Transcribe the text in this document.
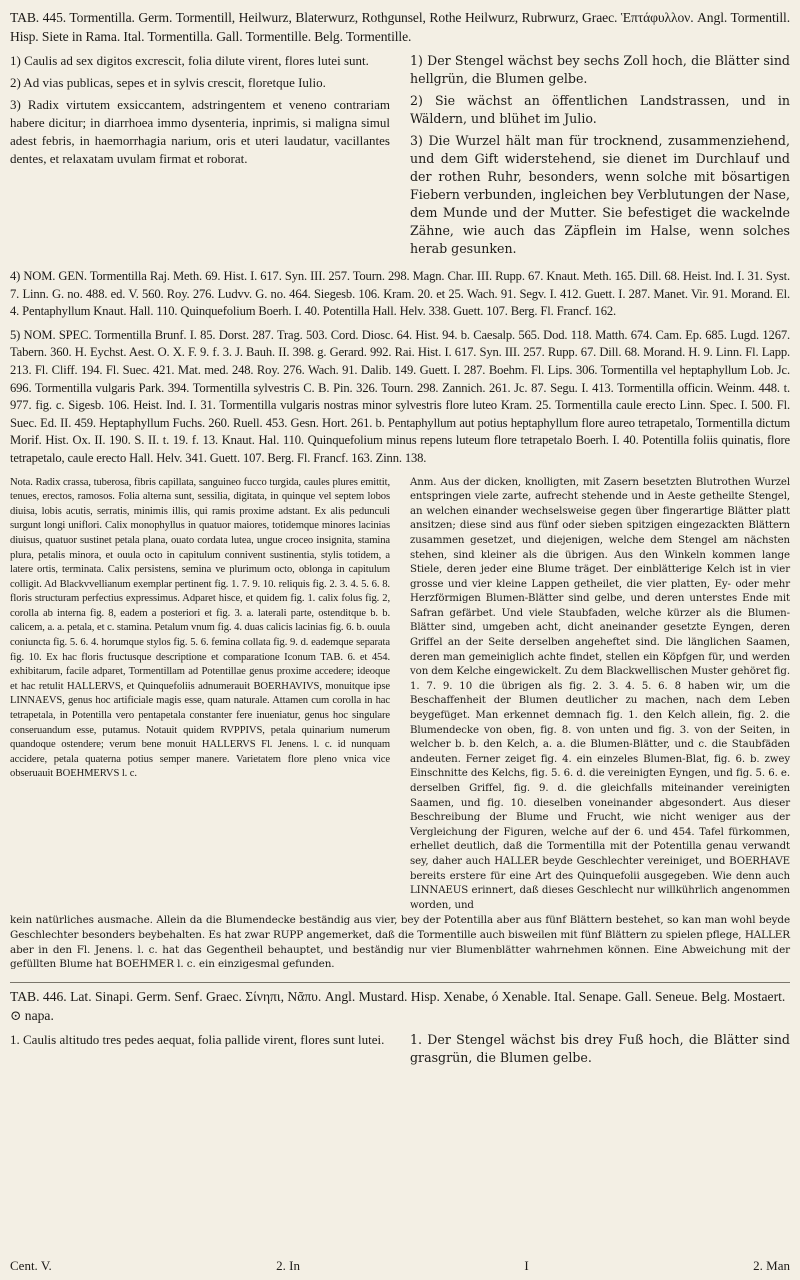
TAB. 445. Tormentilla. Germ. Tormentill, Heilwurz, Blaterwurz, Rothgunsel, Rothe Heilwurz, Rubrwurz, Graec. Ἑπτάφυλλον. Angl. Tormentill. Hisp. Siete in Rama. Ital. Tormentilla. Gall. Tormentille. Belg. Tormentille.

1) Caulis ad sex digitos excrescit, folia dilute virent, flores lutei sunt.

2) Ad vias publicas, sepes et in sylvis crescit, floretque Iulio.

3) Radix virtutem exsiccantem, adstringentem et veneno contrariam habere dicitur; in diarrhoea immo dysenteria, inprimis, si maligna simul adest febris, in haemorrhagia narium, oris et uteri laudatur, vacillantes dentes, et relaxatam uvulam firmat et roborat.

1) Der Stengel wächst bey sechs Zoll hoch, die Blätter sind hellgrün, die Blumen gelbe.

2) Sie wächst an öffentlichen Landstrassen, und in Wäldern, und blühet im Julio.

3) Die Wurzel hält man für trocknend, zusammenziehend, und dem Gift widerstehend, sie dienet im Durchlauf und der rothen Ruhr, besonders, wenn solche mit bösartigen Fiebern verbunden, ingleichen bey Verblutungen der Nase, dem Munde und der Mutter. Sie befestiget die wackelnde Zähne, wie auch das Zäpflein im Halse, wenn solches herab gesunken.

4) NOM. GEN. Tormentilla Raj. Meth. 69. Hist. I. 617. Syn. III. 257. Tourn. 298. Magn. Char. III. Rupp. 67. Knaut. Meth. 165. Dill. 68. Heist. Ind. I. 31. Syst. 7. Linn. G. no. 488. ed. V. 560. Roy. 276. Ludvv. G. no. 464. Siegesb. 106. Kram. 20. et 25. Wach. 91. Segv. I. 412. Guett. I. 287. Manet. Vir. 91. Morand. El. 4. Pentaphyllum Knaut. Hall. 110. Quinquefolium Boerh. I. 40. Potentilla Hall. Helv. 338. Guett. 107. Berg. Fl. Francf. 162.

5) NOM. SPEC. Tormentilla Brunf. I. 85. Dorst. 287. Trag. 503. Cord. Diosc. 64. Hist. 94. b. Caesalp. 565. Dod. 118. Matth. 674. Cam. Ep. 685. Lugd. 1267. Tabern. 360. H. Eychst. Aest. O. X. F. 9. f. 3. J. Bauh. II. 398. g. Gerard. 992. Rai. Hist. I. 617. Syn. III. 257. Rupp. 67. Dill. 68. Morand. H. 9. Linn. Fl. Lapp. 213. Fl. Cliff. 194. Fl. Suec. 421. Mat. med. 248. Roy. 276. Wach. 91. Dalib. 149. Guett. I. 287. Boehm. Fl. Lips. 306. Tormentilla vel heptaphyllum Lob. Jc. 696. Tormentilla vulgaris Park. 394. Tormentilla sylvestris C. B. Pin. 326. Tourn. 298. Zannich. 261. Jc. 87. Segu. I. 413. Tormentilla officin. Weinm. 448. t. 977. fig. c. Sigesb. 106. Heist. Ind. I. 31. Tormentilla vulgaris nostras minor sylvestris flore luteo Kram. 25. Tormentilla caule erecto Linn. Spec. I. 500. Fl. Suec. Ed. II. 459. Heptaphyllum Fuchs. 260. Ruell. 453. Gesn. Hort. 261. b. Pentaphyllum aut potius heptaphyllum flore aureo tetrapetalo, Tormentilla dictum Morif. Hist. Ox. II. 190. S. II. t. 19. f. 13. Knaut. Hal. 110. Quinquefolium minus repens luteum flore tetrapetalo Boerh. I. 40. Potentilla foliis quinatis, flore tetrapetalo, caule erecto Hall. Helv. 341. Guett. 107. Berg. Fl. Francf. 163. Zinn. 138.

Nota. Radix crassa, tuberosa, fibris capillata, sanguineo fucco turgida, caules plures emittit, tenues, erectos, ramosos. Folia alterna sunt, sessilia, digitata, in quinque vel septem lobos diuisa, lobis acutis, serratis, minimis illis, qui ramis proxime adstant. Ex alis pedunculi surgunt longi uniflori. Calix monophyllus in quatuor maiores, totidemque minores lacinias diuisus, quatuor sustinet petala plana, ouato cordata lutea, ungue croceo insignita, stamina plura, petalis minora, et ouula octo in capitulum connivent sustinentia, stylis totidem, a latere ortis, terminata. Calix persistens, semina ve plurimum octo, oblonga in capitulum colligit. Ad Blackvvellianum exemplar pertinent fig. 1. 7. 9. 10. reliquis fig. 2. 3. 4. 5. 6. 8. floris structuram perfectius expressimus. Adparet hisce, et quidem fig. 1. calix folus fig. 2, corolla ab interna fig. 8, eadem a posteriori et fig. 3. a. laterali parte, ostenditque b. b. calicem, a. a. petala, et c. stamina. Petalum vnum fig. 4. duas calicis lacinias fig. 6. b. ouula coniuncta fig. 5. 6. 4. horumque stylos fig. 5. 6. femina collata fig. 9. d. eademque separata fig. 10. Ex hac floris fructusque descriptione et comparatione Iconum TAB. 6. et 454. exhibitarum, facile adparet, Tormentillam ad Potentillae genus proxime accedere; ideoque et hac retulit HALLERVS, et Quinquefoliis adnumerauit BOERHAVIVS, monuitque ipse LINNAEVS, genus hoc artificiale magis esse, quam naturale. Attamen cum corolla in hac tetrapetala, in Potentilla vero pentapetala constanter fere inueniatur, genus hoc singulare conseruandum esse, putamus. Notauit quidem RVPPIVS, petala quinarium numerum quandoque ostendere; verum bene monuit HALLERVS Fl. Jenens. l. c. id nunquam accidere, petala quaterna potius semper manere. Varietatem flore pleno vnica vice obseruauit BOEHMERVS l. c.
Anm. Aus der dicken, knolligten, mit Zasern besetzten Blutrothen Wurzel entspringen viele zarte, aufrecht stehende und in Aeste getheilte Stengel, an welchen einander wechselsweise gegen über fingerartige Blätter platt ansitzen; diese sind aus fünf oder sieben spitzigen eingezackten Blättern zusammen gesetzet, und diejenigen, welche dem Stengel am nächsten stehen, sind kleiner als die übrigen. Aus den Winkeln kommen lange Stiele, deren jeder eine Blume träget. Der einblätterige Kelch ist in vier grosse und vier kleine Lappen getheilet, die vier platten, Ey- oder mehr Herzförmigen Blumen-Blätter sind gelbe, und deren unterstes Ende mit Safran gefärbet. Und viele Staubfaden, welche kürzer als die Blumen-Blätter sind, umgeben acht, dicht aneinander gesetzte Eyngen, deren Griffel an der Seite derselben angeheftet sind. Die länglichen Saamen, deren man gemeiniglich achte findet, stellen ein Köpfgen für, und werden von dem Kelche eingewickelt. Zu dem Blackwellischen Muster gehöret fig. 1. 7. 9. 10 die übrigen als fig. 2. 3. 4. 5. 6. 8 haben wir, um die Beschaffenheit der Blumen deutlicher zu machen, nach dem Leben beygefüget. Man erkennet demnach fig. 1. den Kelch allein, fig. 2. die Blumendecke von oben, fig. 8. von unten und fig. 3. von der Seiten, in welcher b. b. den Kelch, a. a. die Blumen-Blätter, und c. die Staubfäden andeuten. Ferner zeiget fig. 4. ein einzeles Blumen-Blat, fig. 6. b. zwey Einschnitte des Kelchs, fig. 5. 6. d. die vereinigten Eyngen, und fig. 5. 6. e. derselben Griffel, fig. 9. d. die gleichfalls miteinander vereinigten Saamen, und fig. 10. dieselben voneinander abgesondert. Aus dieser Beschreibung der Blume und Frucht, wie nicht weniger aus der Vergleichung der Figuren, welche auf der 6. und 454. Tafel fürkommen, erhellet deutlich, daß die Tormentilla mit der Potentilla genau verwandt sey, daher auch HALLER beyde Geschlechter vereiniget, und BOERHAVE bereits erstere für eine Art des Quinquefolii ausgegeben. Wie denn auch LINNAEUS erinnert, daß dieses Geschlecht nur willkührlich angenommen worden, und

kein natürliches ausmache. Allein da die Blumendecke beständig aus vier, bey der Potentilla aber aus fünf Blättern bestehet, so kan man wohl beyde Geschlechter besonders beybehalten. Es hat zwar RUPP angemerket, daß die Tormentille auch bisweilen mit fünf Blättern zu spielen pflege, HALLER aber in den Fl. Jenens. l. c. hat das Gegentheil behauptet, und beständig nur vier Blumenblätter wahrnehmen können. Eine Abweichung mit der gefüllten Blume hat BOEHMER l. c. ein einzigesmal gefunden.

TAB. 446. Lat. Sinapi. Germ. Senf. Graec. Σίνηπι, Νᾶπυ. Angl. Mustard. Hisp. Xenabe, ó Xenable. Ital. Senape. Gall. Seneue. Belg. Mostaert.
⊙ napa.
1. Caulis altitudo tres pedes aequat, folia pallide virent, flores sunt lutei.	1. Der Stengel wächst bis drey Fuß hoch, die Blätter sind grasgrün, die Blumen gelbe.
Cent. V.	2. In	I	2. Man
